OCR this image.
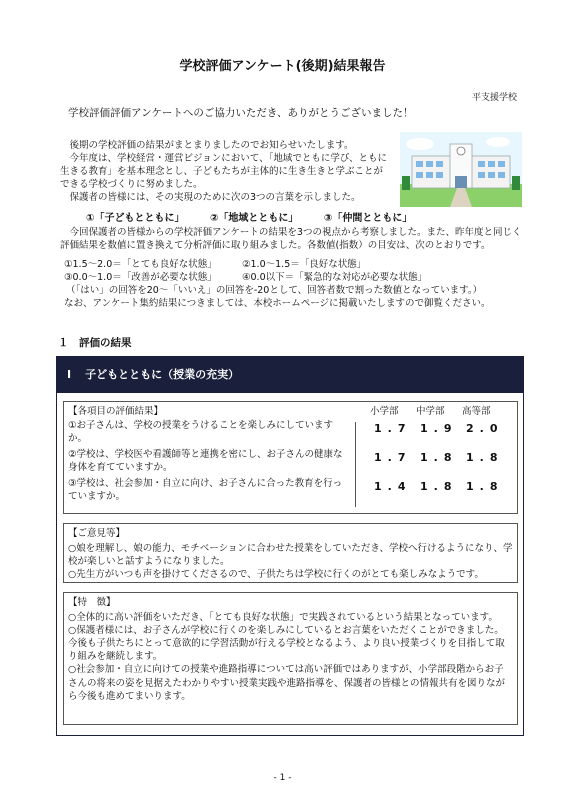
学校評価アンケート(後期)結果報告
平支援学校
学校評価評価アンケートへのご協力いただき、ありがとうございました！

後期の学校評価の結果がまとまりましたのでお知らせいたします。

今年度は、学校経営・運営ビジョンにおいて、「地域でともに学び、ともに生きる教育」を基本理念とし、子どもたちが主体的に生き生きと学ぶことができる学校づくりに努めました。

保護者の皆様には、その実現のために次の3つの言葉を示しました。

①「子どもとともに」	②「地域とともに」	③「仲間とともに」

今回保護者の皆様からの学校評価アンケートの結果を3つの視点から考察しました。また、昨年度と同じく評価結果を数値に置き換えて分析評価に取り組みました。各数値(指数）の目安は、次のとおりです。

①1.5～2.0＝「とても良好な状態」	②1.0～1.5＝「良好な状態」
③0.0～1.0＝「改善が必要な状態」	④0.0以下＝「緊急的な対応が必要な状態」
（「はい」の回答を20～「いいえ」の回答を-20として、回答者数で割った数値となっています。）
なお、アンケート集約結果につきましては、本校ホームページに掲載いたしますので御覧ください。
１　評価の結果
Ⅰ 子どもとともに（授業の充実）
【各項目の評価結果】	小学部 中学部 高等部
①お子さんは、学校の授業をうけることを楽しみにしていますか。
1.7 1.9 2.0
②学校は、学校医や看護師等と連携を密にし、お子さんの健康な身体を育てていますか。
1.7 1.8 1.8
③学校は、社会参加・自立に向け、お子さんに合った教育を行っていますか。
1.4 1.8 1.8
【ご意見等】

○娘を理解し、娘の能力、モチベーションに合わせた授業をしていただき、学校へ行けるようになり、学校が楽しいと話すようになりました。

○先生方がいつも声を掛けてくださるので、子供たちは学校に行くのがとても楽しみなようです。

【特　徴】

○全体的に高い評価をいただき、「とても良好な状態」で実践されているという結果となっています。

○保護者様には、お子さんが学校に行くのを楽しみにしているとお言葉をいただくことができました。今後も子供たちにとって意欲的に学習活動が行える学校となるよう、より良い授業づくりを目指して取り組みを継続します。

○社会参加・自立に向けての授業や進路指導については高い評価ではありますが、小学部段階からお子さんの将来の姿を見据えたわかりやすい授業実践や進路指導を、保護者の皆様との情報共有を図りながら今後も進めてまいります。

- 1 -
